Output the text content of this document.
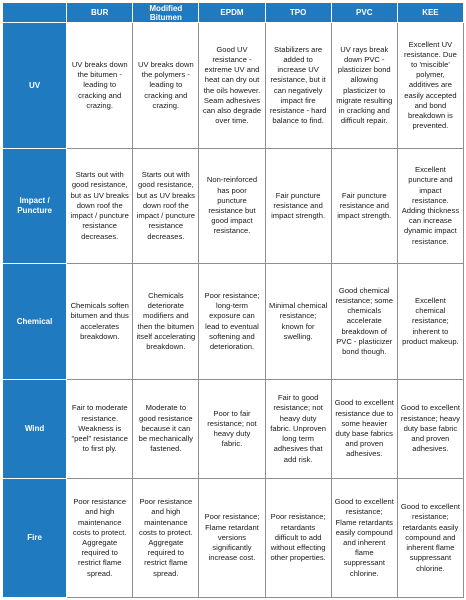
	BUR	Modified Bitumen	EPDM	TPO	PVC	KEE
UV	UV breaks down the bitumen - leading to cracking and crazing.	UV breaks down the polymers - leading to cracking and crazing.	Good UV resistance - extreme UV and heat can dry out the oils however. Seam adhesives can also degrade over time.	Stabilizers are added to increase UV resistance, but it can negatively impact fire resistance - hard balance to find.	UV rays break down PVC - plasticizer bond allowing plasticizer to migrate resulting in cracking and difficult repair.	Excellent UV resistance. Due to 'miscible' polymer, additives are easily accepted and bond breakdown is prevented.
Impact / Puncture	Starts out with good resistance, but as UV breaks down roof the impact / puncture resistance decreases.	Starts out with good resistance, but as UV breaks down roof the impact / puncture resistance decreases.	Non-reinforced has poor puncture resistance but good impact resistance.	Fair puncture resistance and impact strength.	Fair puncture resistance and impact strength.	Excellent puncture and impact resistance. Adding thickness can increase dynamic impact resistance.
Chemical	Chemicals soften bitumen and thus accelerates breakdown.	Chemicals deteriorate modifiers and then the bitumen itself accelerating breakdown.	Poor resistance; long-term exposure can lead to eventual softening and deterioration.	Minimal chemical resistance; known for swelling.	Good chemical resistance; some chemicals accelerate breakdown of PVC - plasticizer bond though.	Excellent chemical resistance; inherent to product makeup.
Wind	Fair to moderate resistance. Weakness is "peel" resistance to first ply.	Moderate to good resistance because it can be mechanically fastened.	Poor to fair resistance; not heavy duty fabric.	Fair to good resistance; not heavy duty fabric. Unproven long term adhesives that add risk.	Good to excellent resistance due to some heavier duty base fabrics and proven adhesives.	Good to excellent resistance; heavy duty base fabric and proven adhesives.
Fire	Poor resistance and high maintenance costs to protect. Aggregate required to restrict flame spread.	Poor resistance and high maintenance costs to protect. Aggregate required to restrict flame spread.	Poor resistance; Flame retardant versions significantly increase cost.	Poor resistance; retardants difficult to add without effecting other properties.	Good to excellent resistance; Flame retardants easily compound and inherent flame suppressant chlorine.	Good to excellent resistance; retardants easily compound and inherent flame suppressant chlorine.
